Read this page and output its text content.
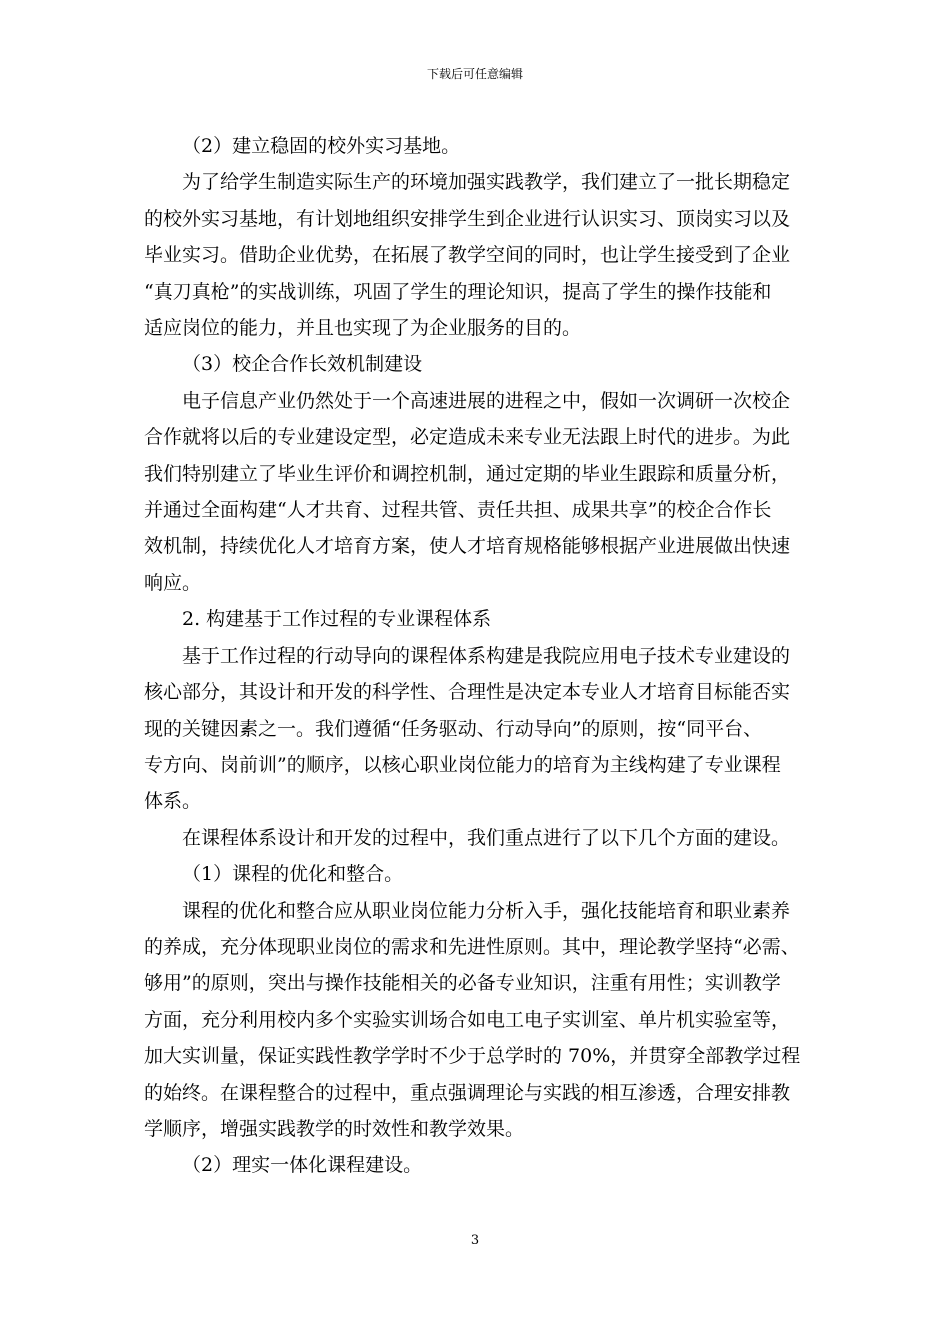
下载后可任意编辑

（2）建立稳固的校外实习基地。

为了给学生制造实际生产的环境加强实践教学，我们建立了一批长期稳定
的校外实习基地，有计划地组织安排学生到企业进行认识实习、顶岗实习以及
毕业实习。借助企业优势，在拓展了教学空间的同时，也让学生接受到了企业
“真刀真枪”的实战训练，巩固了学生的理论知识，提高了学生的操作技能和
适应岗位的能力，并且也实现了为企业服务的目的。

（3）校企合作长效机制建设

电子信息产业仍然处于一个高速进展的进程之中，假如一次调研一次校企
合作就将以后的专业建设定型，必定造成未来专业无法跟上时代的进步。为此
我们特别建立了毕业生评价和调控机制，通过定期的毕业生跟踪和质量分析，
并通过全面构建“人才共育、过程共管、责任共担、成果共享”的校企合作长
效机制，持续优化人才培育方案，使人才培育规格能够根据产业进展做出快速
响应。

2. 构建基于工作过程的专业课程体系

基于工作过程的行动导向的课程体系构建是我院应用电子技术专业建设的
核心部分，其设计和开发的科学性、合理性是决定本专业人才培育目标能否实
现的关键因素之一。我们遵循“任务驱动、行动导向”的原则，按“同平台、
专方向、岗前训”的顺序，以核心职业岗位能力的培育为主线构建了专业课程
体系。

在课程体系设计和开发的过程中，我们重点进行了以下几个方面的建设。

（1）课程的优化和整合。

课程的优化和整合应从职业岗位能力分析入手，强化技能培育和职业素养
的养成，充分体现职业岗位的需求和先进性原则。其中，理论教学坚持“必需、
够用”的原则，突出与操作技能相关的必备专业知识，注重有用性；实训教学
方面，充分利用校内多个实验实训场合如电工电子实训室、单片机实验室等，
加大实训量，保证实践性教学学时不少于总学时的 70%，并贯穿全部教学过程
的始终。在课程整合的过程中，重点强调理论与实践的相互渗透，合理安排教
学顺序，增强实践教学的时效性和教学效果。

（2）理实一体化课程建设。

3
